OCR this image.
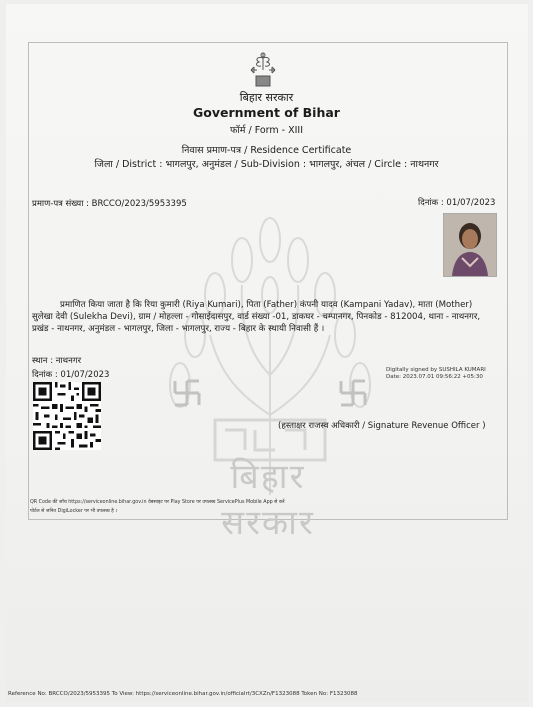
बिहार सरकार
Government of Bihar
फॉर्म / Form - XIII
निवास प्रमाण-पत्र / Residence Certificate
जिला / District : भागलपुर, अनुमंडल / Sub-Division : भागलपुर, अंचल / Circle : नाथनगर
प्रमाण-पत्र संख्या : BRCCO/2023/5953395	दिनांक : 01/07/2023
बिहार सरकार
प्रमाणित किया जाता है कि रिया कुमारी (Riya Kumari), पिता (Father) कंपनी यादव (Kampani Yadav), माता (Mother)
सुलेखा देवी (Sulekha Devi), ग्राम / मोहल्ला - गोसाईदासपुर, वार्ड संख्या -01, डाकघर - चम्पानगर, पिनकोड - 812004, थाना - नाथनगर,
प्रखंड - नाथनगर, अनुमंडल - भागलपुर, जिला - भागलपुर, राज्य - बिहार के स्थायी निवासी हैं ।
स्थान : नाथनगर
दिनांक : 01/07/2023	Digitally signed by SUSHILA KUMARI
Date: 2023.07.01 09:56:22 +05:30
(हस्ताक्षर राजस्व अधिकारी / Signature Revenue Officer )
QR Code की जाँच https://serviceonline.bihar.gov.in वेबसाइट पर Play Store पर उपलब्ध ServicePlus Mobile App से करें
पोर्टल से जनित DigiLocker पर भी उपलब्ध है ।
Reference No: BRCCO/2023/5953395 To View: https://serviceonline.bihar.gov.in/officialrt/3CXZn/F1323088 Token No: F1323088
